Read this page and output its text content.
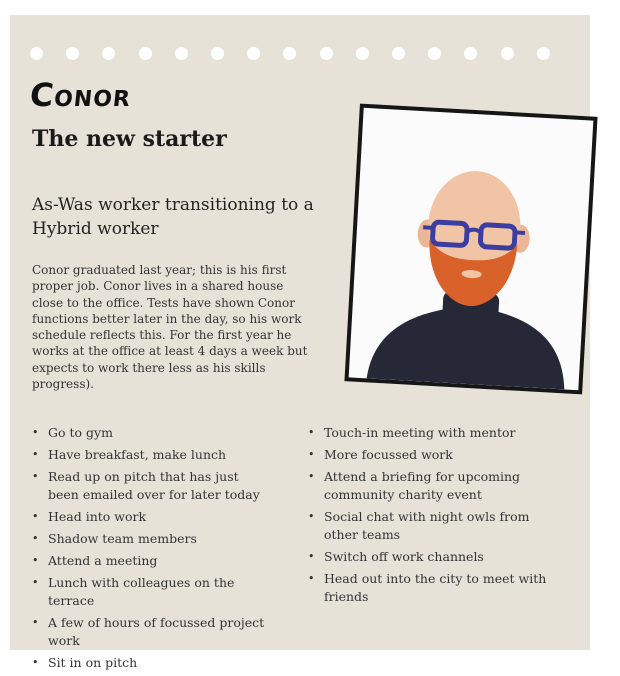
Conor
The new starter
As-Was worker transitioning to a Hybrid worker

Conor graduated last year; this is his first proper job. Conor lives in a shared house close to the office. Tests have shown Conor functions better later in the day, so his work schedule reflects this. For the first year he works at the office at least 4 days a week but expects to work there less as his skills progress).

• Go to gym
• Have breakfast, make lunch
• Read up on pitch that has just been emailed over for later today
• Head into work
• Shadow team members
• Attend a meeting
• Lunch with colleagues on the terrace
• A few of hours of focussed project work
• Sit in on pitch
• Touch-in meeting with mentor
• More focussed work
• Attend a briefing for upcoming community charity event
• Social chat with night owls from other teams
• Switch off work channels
• Head out into the city to meet with friends
